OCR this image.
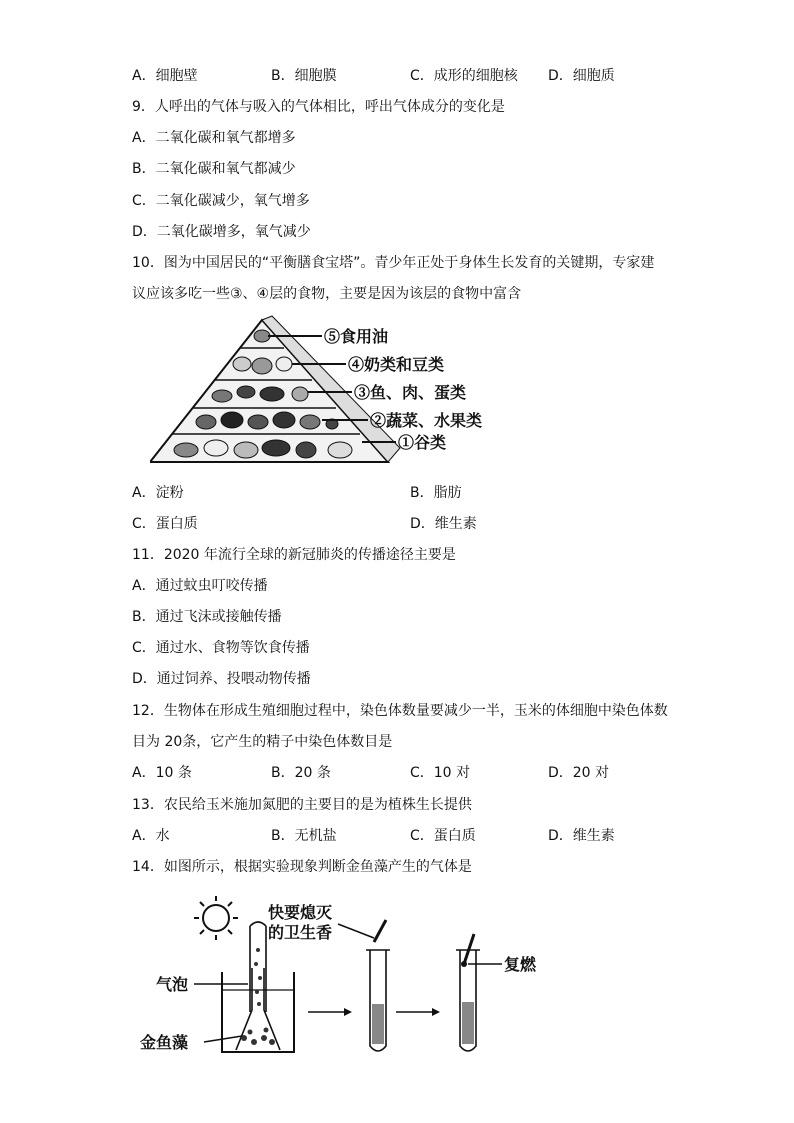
A．细胞壁	B．细胞膜	C．成形的细胞核 D．细胞质
9．人呼出的气体与吸入的气体相比，呼出气体成分的变化是
A．二氧化碳和氧气都增多
B．二氧化碳和氧气都减少
C．二氧化碳减少，氧气增多
D．二氧化碳增多，氧气减少
10．图为中国居民的“平衡膳食宝塔”。青少年正处于身体生长发育的关键期，专家建
议应该多吃一些③、④层的食物，主要是因为该层的食物中富含
⑤食用油
④奶类和豆类
③鱼、肉、蛋类
②蔬菜、水果类
①谷类
A．淀粉	B．脂肪
C．蛋白质	D．维生素
11．2020 年流行全球的新冠肺炎的传播途径主要是
A．通过蚊虫叮咬传播
B．通过飞沫或接触传播
C．通过水、食物等饮食传播
D．通过饲养、投喂动物传播
12．生物体在形成生殖细胞过程中，染色体数量要减少一半，玉米的体细胞中染色体数
目为 20条，它产生的精子中染色体数目是
A．10 条	B．20 条	C．10 对	D．20 对
13．农民给玉米施加氮肥的主要目的是为植株生长提供
A．水	B．无机盐	C．蛋白质	D．维生素
14．如图所示，根据实验现象判断金鱼藻产生的气体是
气泡
金鱼藻
快要熄灭
的卫生香
复燃
